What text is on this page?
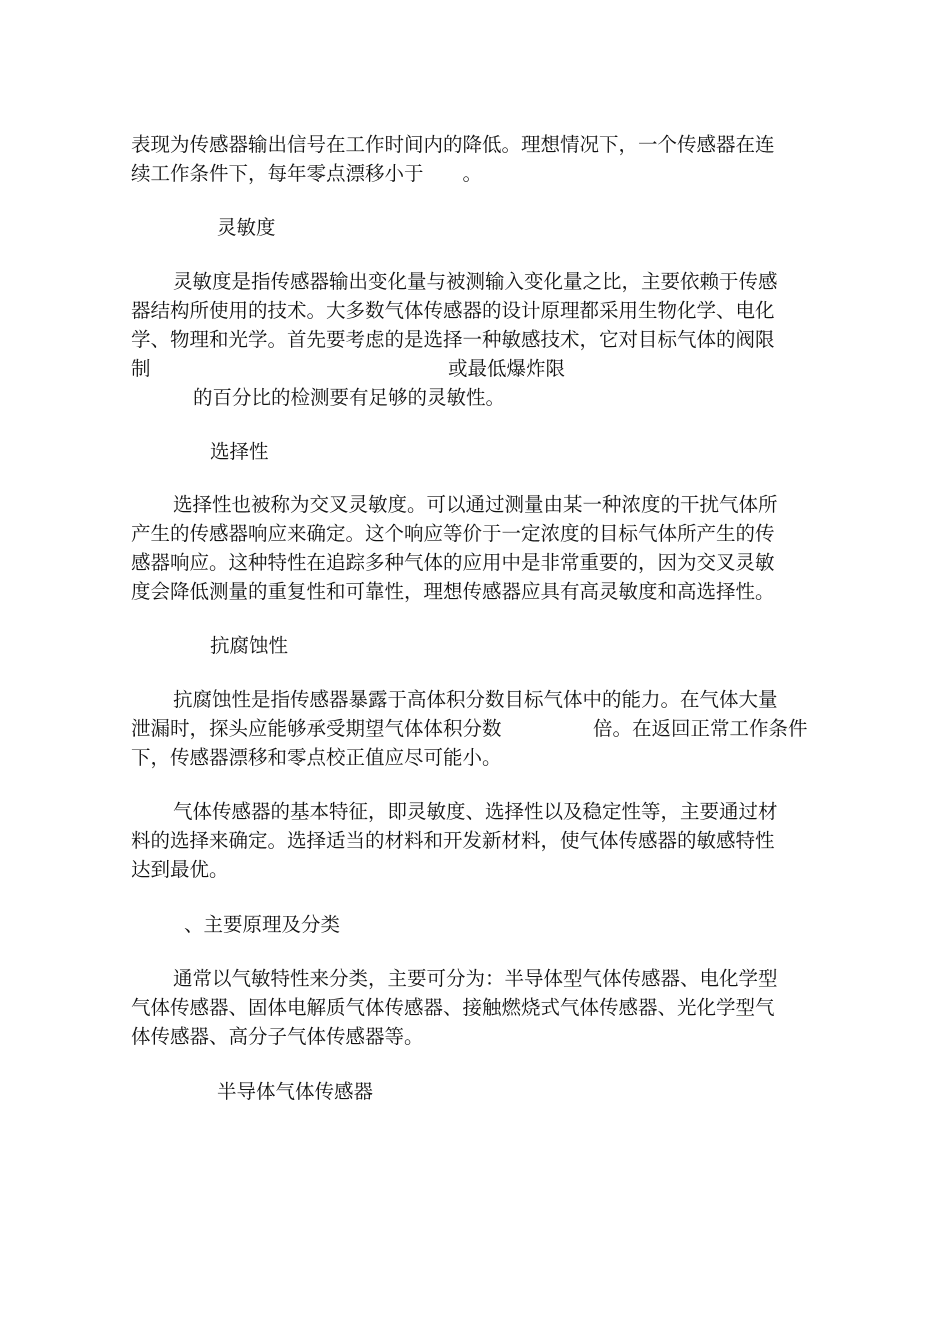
表现为传感器输出信号在工作时间内的降低。理想情况下，一个传感器在连

续工作条件下，每年零点漂移小于　　。

灵敏度

灵敏度是指传感器输出变化量与被测输入变化量之比，主要依赖于传感

器结构所使用的技术。大多数气体传感器的设计原理都采用生物化学、电化

学、物理和光学。首先要考虑的是选择一种敏感技术，它对目标气体的阀限

制	或最低爆炸限

的百分比的检测要有足够的灵敏性。

选择性

选择性也被称为交叉灵敏度。可以通过测量由某一种浓度的干扰气体所

产生的传感器响应来确定。这个响应等价于一定浓度的目标气体所产生的传

感器响应。这种特性在追踪多种气体的应用中是非常重要的，因为交叉灵敏

度会降低测量的重复性和可靠性，理想传感器应具有高灵敏度和高选择性。

抗腐蚀性

抗腐蚀性是指传感器暴露于高体积分数目标气体中的能力。在气体大量

泄漏时，探头应能够承受期望气体体积分数	倍。在返回正常工作条件

下，传感器漂移和零点校正值应尽可能小。

气体传感器的基本特征，即灵敏度、选择性以及稳定性等，主要通过材

料的选择来确定。选择适当的材料和开发新材料，使气体传感器的敏感特性

达到最优。

、主要原理及分类

通常以气敏特性来分类，主要可分为：半导体型气体传感器、电化学型

气体传感器、固体电解质气体传感器、接触燃烧式气体传感器、光化学型气

体传感器、高分子气体传感器等。

半导体气体传感器
